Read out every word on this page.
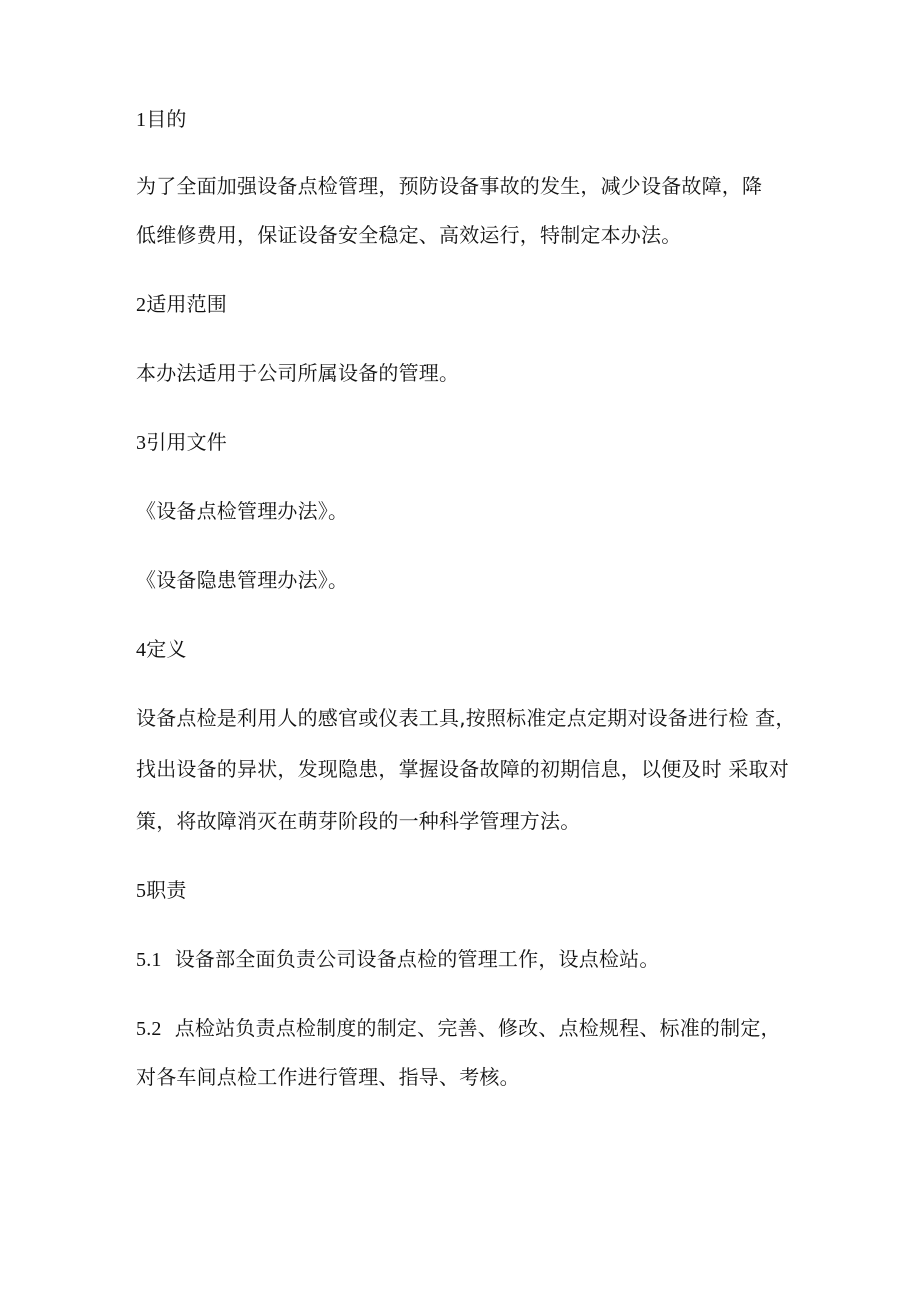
1目的
为了全面加强设备点检管理，预防设备事故的发生，减少设备故障，降
低维修费用，保证设备安全稳定、高效运行，特制定本办法。
2适用范围
本办法适用于公司所属设备的管理。
3引用文件
《设备点检管理办法》。
《设备隐患管理办法》。
4定义
设备点检是利用人的感官或仪表工具,按照标准定点定期对设备进行检 查，
找出设备的异状，发现隐患，掌握设备故障的初期信息，以便及时 采取对
策，将故障消灭在萌芽阶段的一种科学管理方法。
5职责
5.1 设备部全面负责公司设备点检的管理工作，设点检站。
5.2 点检站负责点检制度的制定、完善、修改、点检规程、标准的制定，
对各车间点检工作进行管理、指导、考核。
